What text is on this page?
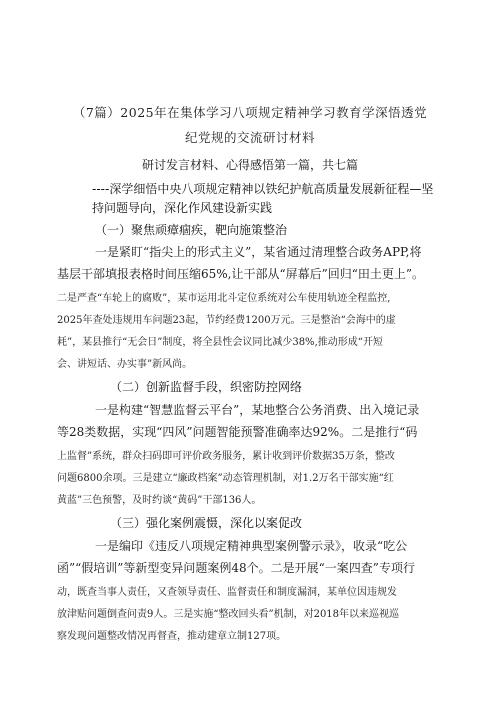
（7篇）2025年在集体学习八项规定精神学习教育学深悟透党
纪党规的交流研讨材料
研讨发言材料、心得感悟第一篇，共七篇
----深学细悟中央八项规定精神以铁纪护航高质量发展新征程—坚
持问题导向，深化作风建设新实践
（一）聚焦顽瘴痼疾，靶向施策整治
一是紧盯“指尖上的形式主义”，某省通过清理整合政务APP,将
基层干部填报表格时间压缩65%,让干部从“屏幕后”回归“田土更上”。
二是严查“车轮上的腐败”，某市运用北斗定位系统对公车使用轨迹全程监控,
2025年查处违规用车问题23起，节约经费1200万元。三是整治“会海中的虚
耗”，某县推行“无会日”制度，将全县性会议同比减少38%,推动形成“开短
会、讲短话、办实事”新风尚。
（二）创新监督手段，织密防控网络
一是构建“智慧监督云平台”，某地整合公务消费、出入境记录
等28类数据，实现“四风”问题智能预警准确率达92%。二是推行“码
上监督”系统，群众扫码即可评价政务服务，累计收到评价数据35万条，整改
问题6800余项。三是建立“廉政档案”动态管理机制，对1.2万名干部实施“红
黄蓝”三色预警，及时约谈“黄码”干部136人。
（三）强化案例震慑，深化以案促改
一是编印《违反八项规定精神典型案例警示录》，收录“吃公
函”“假培训”等新型变异问题案例48个。二是开展“一案四查”专项行
动，既查当事人责任，又查领导责任、监督责任和制度漏洞，某单位因违规发
放津贴问题倒查问责9人。三是实施“整改回头看”机制，对2018年以来巡视巡
察发现问题整改情况再督查，推动建章立制127项。
